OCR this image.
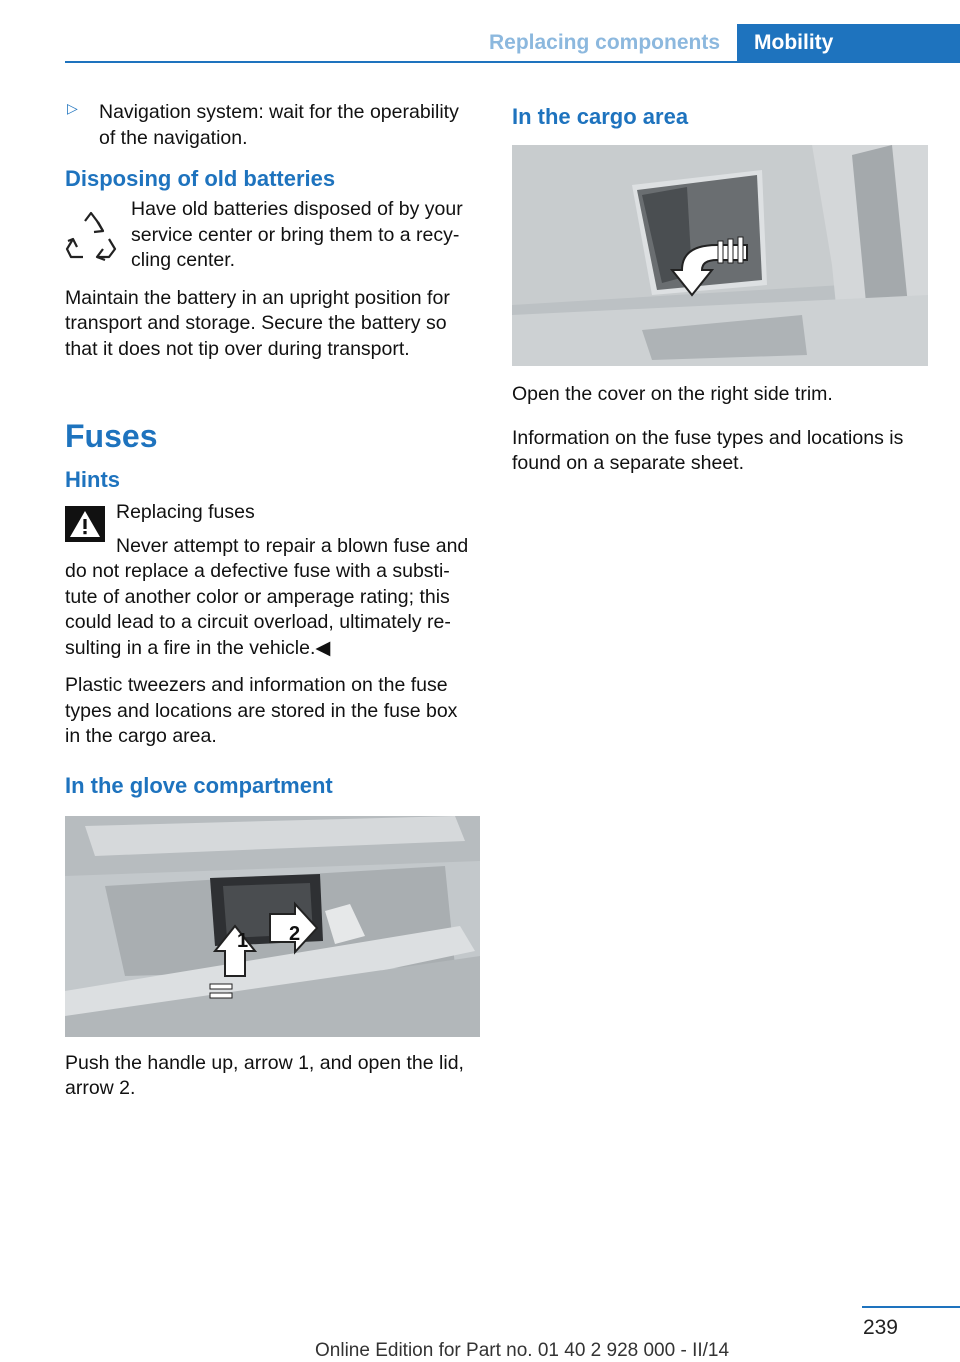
Replacing components	Mobility
▷ Navigation system: wait for the operability of the navigation.

Disposing of old batteries

Have old batteries disposed of by your service center or bring them to a recy‐cling center.

Maintain the battery in an upright position for transport and storage. Secure the battery so that it does not tip over during transport.

Fuses
Hints

Replacing fuses

Never attempt to repair a blown fuse and do not replace a defective fuse with a substi‐tute of another color or amperage rating; this could lead to a circuit overload, ultimately re‐sulting in a fire in the vehicle.◀

Plastic tweezers and information on the fuse types and locations are stored in the fuse box in the cargo area.

In the glove compartment
1 2

Push the handle up, arrow 1, and open the lid, arrow 2.

In the cargo area

Open the cover on the right side trim.

Information on the fuse types and locations is found on a separate sheet.

239
Online Edition for Part no. 01 40 2 928 000 - II/14
